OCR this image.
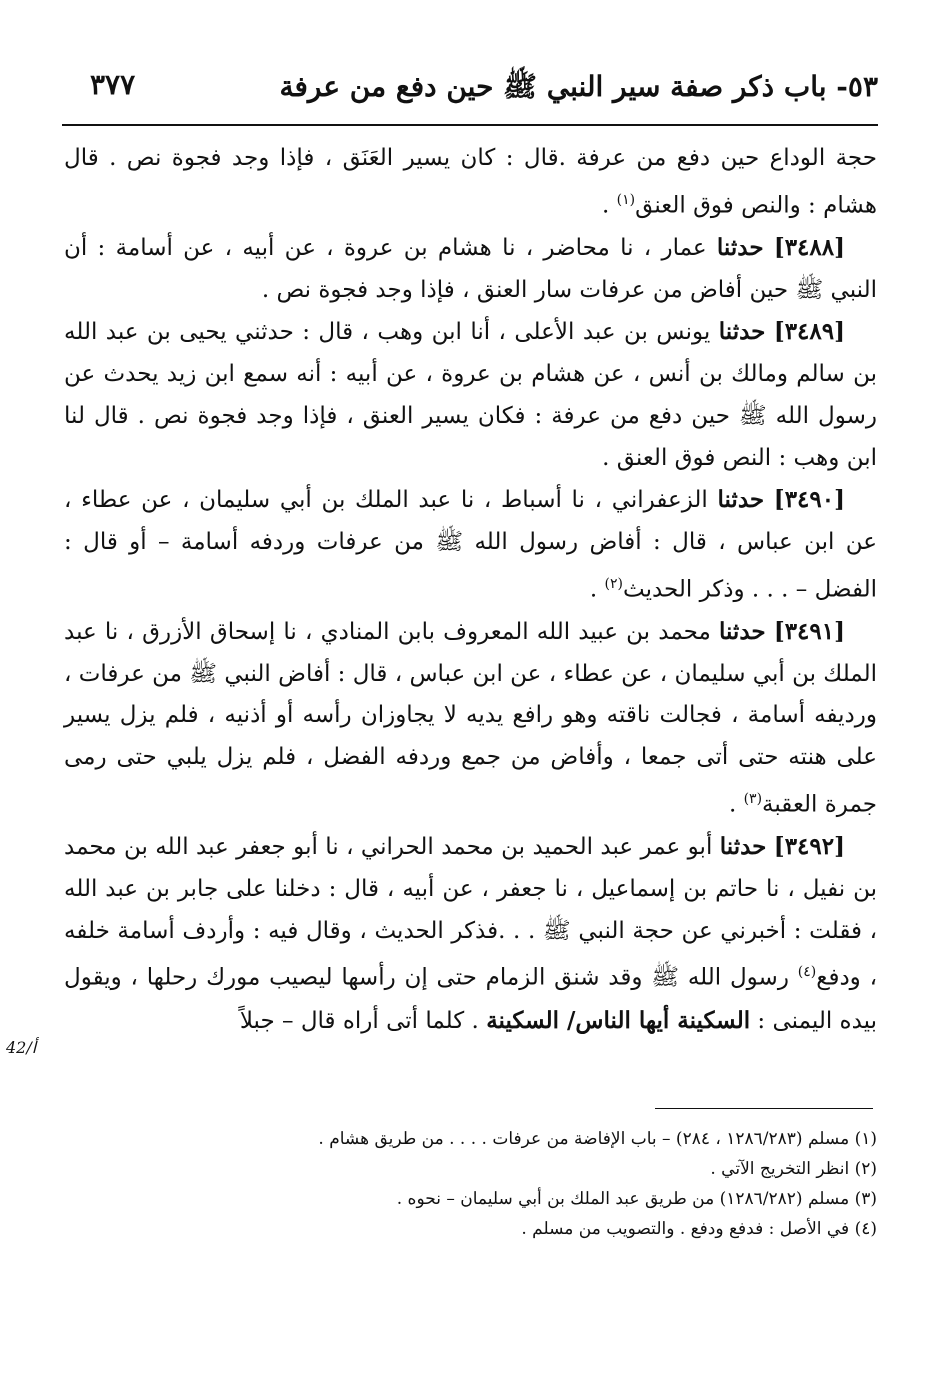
٥٣- باب ذكر صفة سير النبي ﷺ حين دفع من عرفة
٣٧٧

حجة الوداع حين دفع من عرفة .قال : كان يسير العَنَق ، فإذا وجد فجوة نص . قال هشام : والنص فوق العنق$^{(١)}$ .

[٣٤٨٨] حدثنا عمار ، نا محاضر ، نا هشام بن عروة ، عن أبيه ، عن أسامة : أن النبي ﷺ حين أفاض من عرفات سار العنق ، فإذا وجد فجوة نص .

[٣٤٨٩] حدثنا يونس بن عبد الأعلى ، أنا ابن وهب ، قال : حدثني يحيى بن عبد الله بن سالم ومالك بن أنس ، عن هشام بن عروة ، عن أبيه : أنه سمع ابن زيد يحدث عن رسول الله ﷺ حين دفع من عرفة : فكان يسير العنق ، فإذا وجد فجوة نص . قال لنا ابن وهب : النص فوق العنق .

[٣٤٩٠] حدثنا الزعفراني ، نا أسباط ، نا عبد الملك بن أبي سليمان ، عن عطاء ، عن ابن عباس ، قال : أفاض رسول الله ﷺ من عرفات وردفه أسامة – أو قال : الفضل – . . . وذكر الحديث$^{(٢)}$ .

[٣٤٩١] حدثنا محمد بن عبيد الله المعروف بابن المنادي ، نا إسحاق الأزرق ، نا عبد الملك بن أبي سليمان ، عن عطاء ، عن ابن عباس ، قال : أفاض النبي ﷺ من عرفات ، ورديفه أسامة ، فجالت ناقته وهو رافع يديه لا يجاوزان رأسه أو أذنيه ، فلم يزل يسير على هنته حتى أتى جمعا ، وأفاض من جمع وردفه الفضل ، فلم يزل يلبي حتى رمى جمرة العقبة$^{(٣)}$ .

[٣٤٩٢] حدثنا أبو عمر عبد الحميد بن محمد الحراني ، نا أبو جعفر عبد الله بن محمد بن نفيل ، نا حاتم بن إسماعيل ، نا جعفر ، عن أبيه ، قال : دخلنا على جابر بن عبد الله ، فقلت : أخبرني عن حجة النبي ﷺ . . .فذكر الحديث ، وقال فيه : وأردف أسامة خلفه ، ودفع$^{(٤)}$ رسول الله ﷺ وقد شنق الزمام حتى إن رأسها ليصيب مورك رحلها ، ويقول بيده اليمنى : السكينة أيها الناس/ السكينة . كلما أتى أراه قال – جبلاً

42/أ
(١) مسلم (١٢٨٦/٢٨٣ ، ٢٨٤) – باب الإفاضة من عرفات . . . . من طريق هشام .
(٢) انظر التخريج الآتي .
(٣) مسلم (١٢٨٦/٢٨٢) من طريق عبد الملك بن أبي سليمان – نحوه .
(٤) في الأصل : فدفع ودفع . والتصويب من مسلم .
